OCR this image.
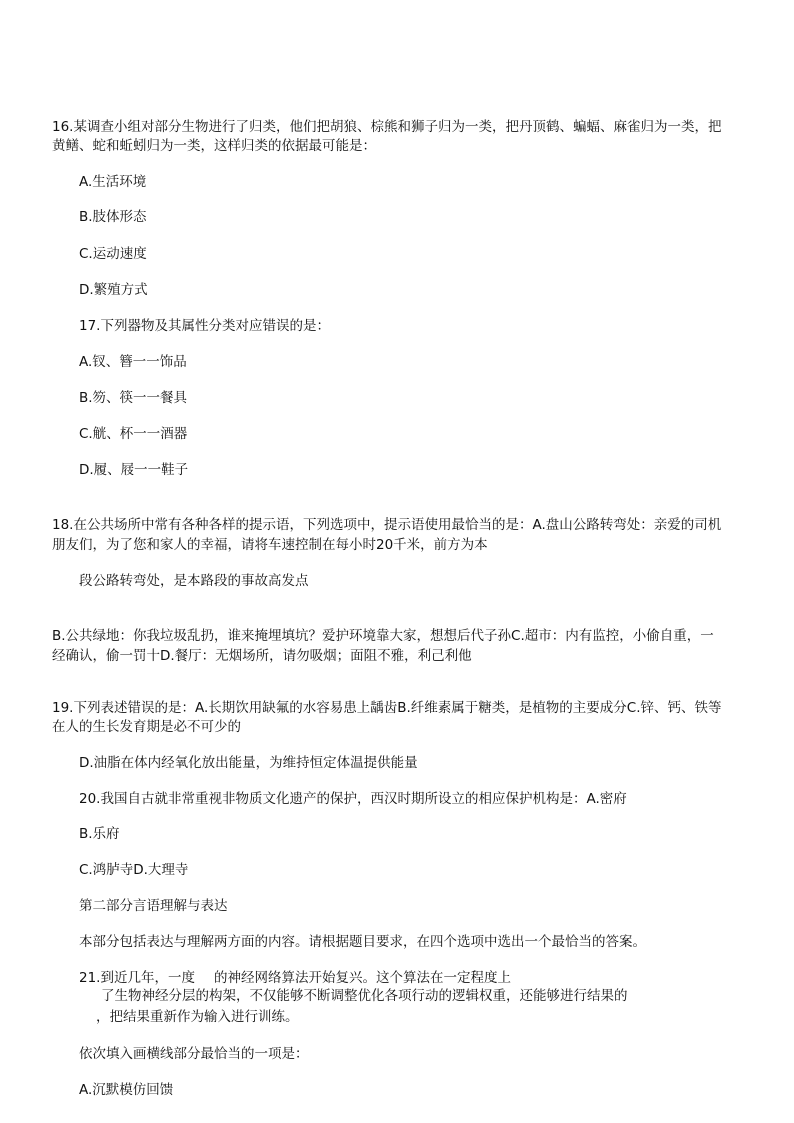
16.某调查小组对部分生物进行了归类，他们把胡狼、棕熊和狮子归为一类，把丹顶鹤、蝙蝠、麻雀归为一类，把
黄鳝、蛇和蚯蚓归为一类，这样归类的依据最可能是：
A.生活环境
B.肢体形态
C.运动速度
D.繁殖方式
17.下列器物及其属性分类对应错误的是：
A.钗、簪一一饰品
B.笏、筷一一餐具
C.觥、杯一一酒器
D.履、屐一一鞋子
18.在公共场所中常有各种各样的提示语，下列选项中，提示语使用最恰当的是：A.盘山公路转弯处：亲爱的司机
朋友们，为了您和家人的幸福，请将车速控制在每小时20千米，前方为本
段公路转弯处，是本路段的事故高发点
B.公共绿地：你我垃圾乱扔，谁来掩埋填坑？爱护环境靠大家，想想后代子孙C.超市：内有监控，小偷自重，一
经确认，偷一罚十D.餐厅：无烟场所，请勿吸烟；面阻不雅，利己利他
19.下列表述错误的是：A.长期饮用缺氟的水容易患上龋齿B.纤维素属于糖类，是植物的主要成分C.锌、钙、铁等
在人的生长发育期是必不可少的
D.油脂在体内经氧化放出能量，为维持恒定体温提供能量
20.我国自古就非常重视非物质文化遗产的保护，西汉时期所设立的相应保护机构是：A.密府
B.乐府
C.鸿胪寺D.大理寺
第二部分言语理解与表达
本部分包括表达与理解两方面的内容。请根据题目要求，在四个选项中选出一个最恰当的答案。
21.到近几年，一度 的神经网络算法开始复兴。这个算法在一定程度上
了生物神经分层的构架，不仅能够不断调整优化各项行动的逻辑权重，还能够进行结果的
，把结果重新作为输入进行训练。
依次填入画横线部分最恰当的一项是：
A.沉默模仿回馈
